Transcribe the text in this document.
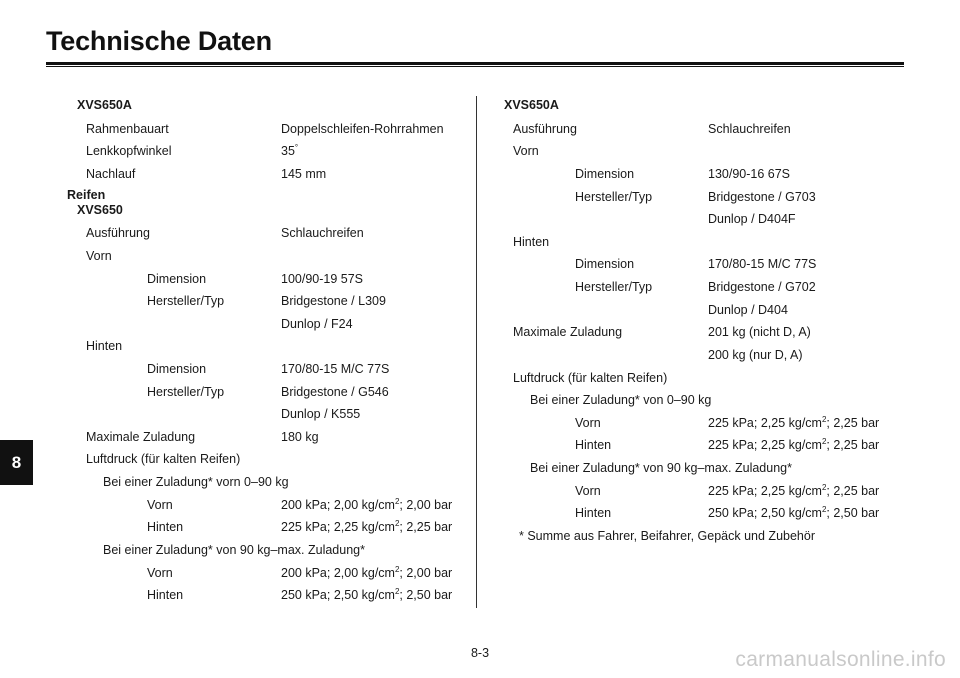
Technische Daten
8
XVS650A
Rahmenbauart	Doppelschleifen-Rohrrahmen
Lenkkopfwinkel	35°
Nachlauf	145 mm
Reifen
XVS650
Ausführung	Schlauchreifen
Vorn
Dimension	100/90-19 57S
Hersteller/Typ	Bridgestone / L309
Dunlop / F24
Hinten
Dimension	170/80-15 M/C 77S
Hersteller/Typ	Bridgestone / G546
Dunlop / K555
Maximale Zuladung	180 kg
Luftdruck (für kalten Reifen)
Bei einer Zuladung* vorn 0–90 kg
Vorn	200 kPa; 2,00 $kg/cm^2$; 2,00 bar
Hinten	225 kPa; 2,25 $kg/cm^2$; 2,25 bar
Bei einer Zuladung* von 90 kg–max. Zuladung*
Vorn	200 kPa; 2,00 $kg/cm^2$; 2,00 bar
Hinten	250 kPa; 2,50 $kg/cm^2$; 2,50 bar
XVS650A
Ausführung	Schlauchreifen
Vorn
Dimension	130/90-16 67S
Hersteller/Typ	Bridgestone / G703
Dunlop / D404F
Hinten
Dimension	170/80-15 M/C 77S
Hersteller/Typ	Bridgestone / G702
Dunlop / D404
Maximale Zuladung	201 kg (nicht D, A)
200 kg (nur D, A)
Luftdruck (für kalten Reifen)
Bei einer Zuladung* von 0–90 kg
Vorn	225 kPa; 2,25 $kg/cm^2$; 2,25 bar
Hinten	225 kPa; 2,25 $kg/cm^2$; 2,25 bar
Bei einer Zuladung* von 90 kg–max. Zuladung*
Vorn	225 kPa; 2,25 $kg/cm^2$; 2,25 bar
Hinten	250 kPa; 2,50 $kg/cm^2$; 2,50 bar
* Summe aus Fahrer, Beifahrer, Gepäck und Zubehör
8-3	carmanualsonline.info
